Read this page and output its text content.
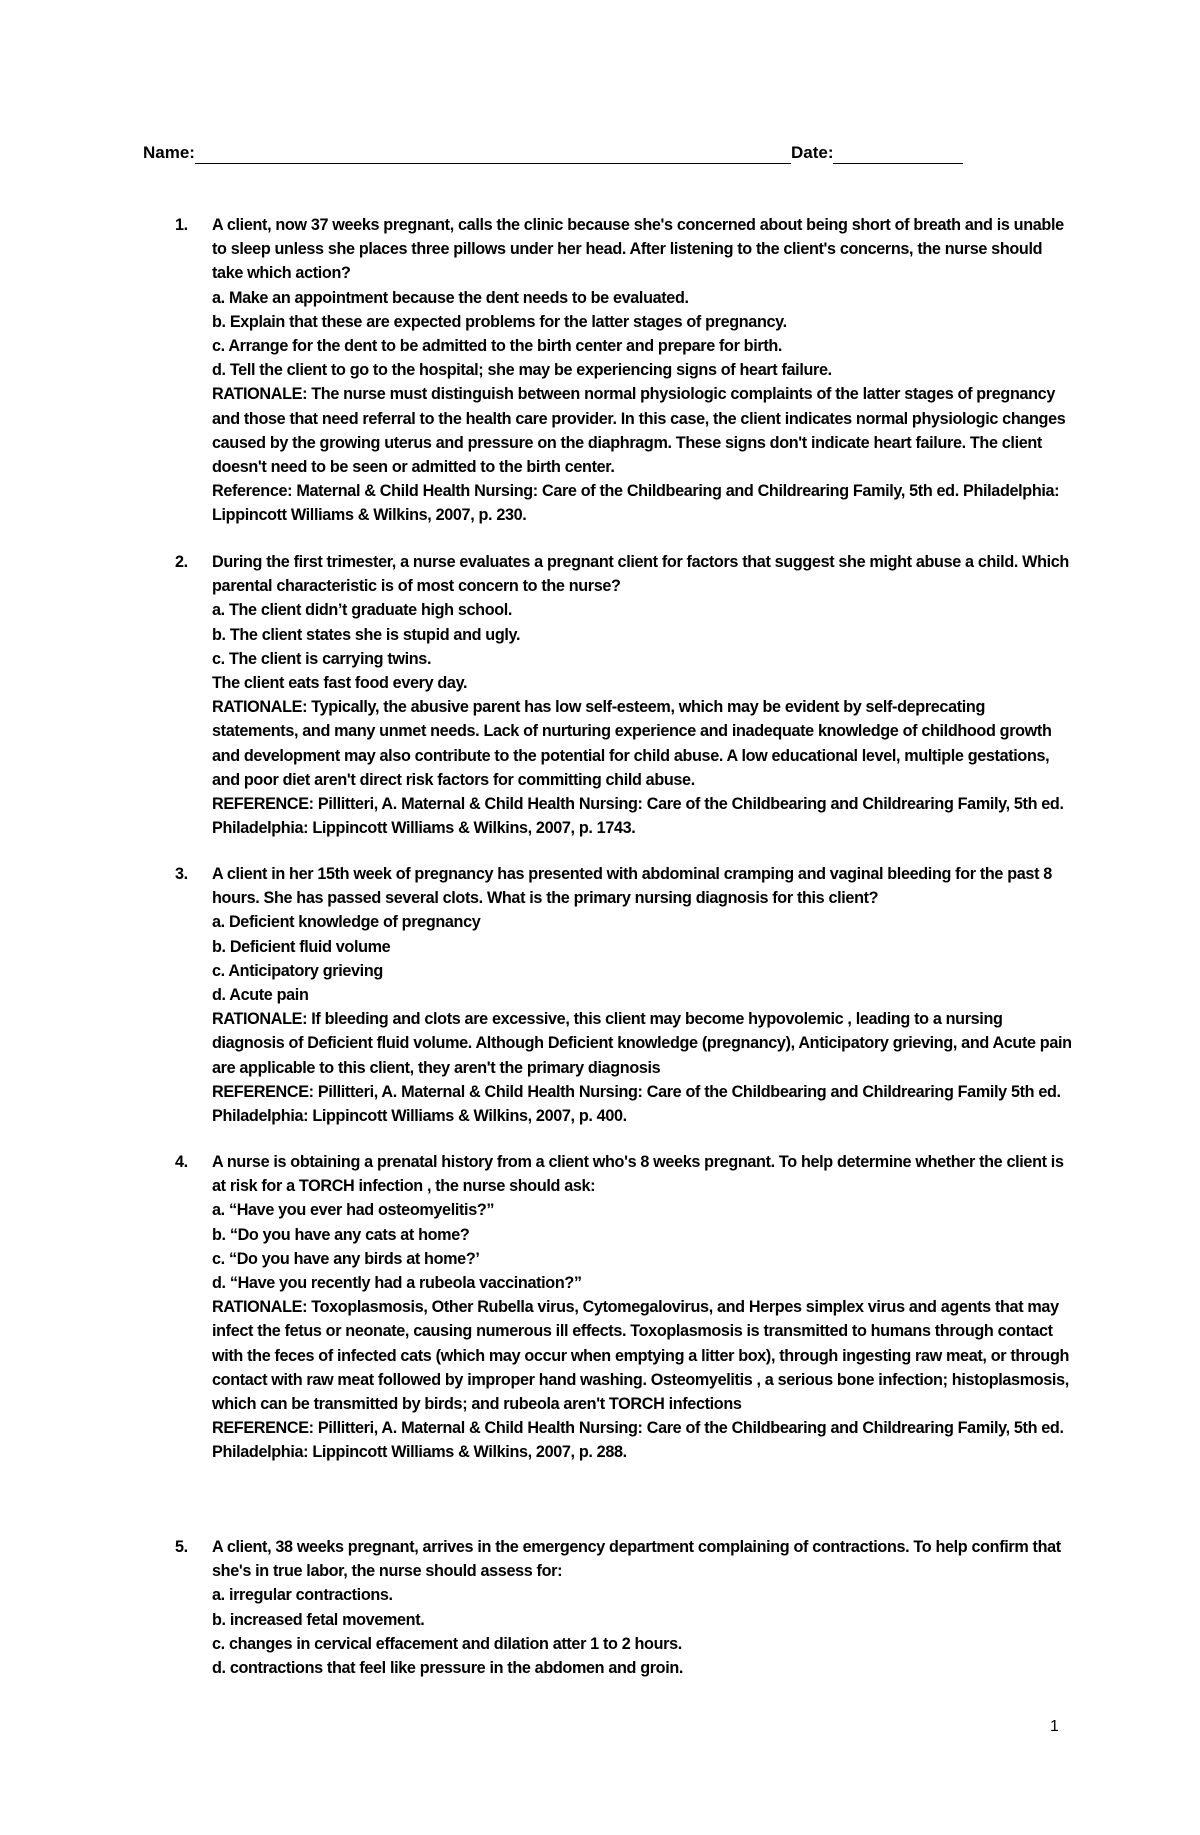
Name:	Date:
1.	A client, now 37 weeks pregnant, calls the clinic because she's concerned about being short of breath and is unable to sleep unless she places three pillows under her head. After listening to the client's concerns, the nurse should take which action?
a. Make an appointment because the dent needs to be evaluated.
b. Explain that these are expected problems for the latter stages of pregnancy.
c. Arrange for the dent to be admitted to the birth center and prepare for birth.
d. Tell the client to go to the hospital; she may be experiencing signs of heart failure.
RATIONALE: The nurse must distinguish between normal physiologic complaints of the latter stages of pregnancy and those that need referral to the health care provider. In this case, the client indicates normal physiologic changes caused by the growing uterus and pressure on the diaphragm. These signs don't indicate heart failure. The client doesn't need to be seen or admitted to the birth center.
Reference: Maternal & Child Health Nursing: Care of the Childbearing and Childrearing Family, 5th ed. Philadelphia: Lippincott Williams & Wilkins, 2007, p. 230.
2.	During the first trimester, a nurse evaluates a pregnant client for factors that suggest she might abuse a child. Which parental characteristic is of most concern to the nurse?
a. The client didn’t graduate high school.
b. The client states she is stupid and ugly.
c. The client is carrying twins.
The client eats fast food every day.
RATIONALE: Typically, the abusive parent has low self-esteem, which may be evident by self-deprecating statements, and many unmet needs. Lack of nurturing experience and inadequate knowledge of childhood growth and development may also contribute to the potential for child abuse. A low educational level, multiple gestations, and poor diet aren't direct risk factors for committing child abuse.
REFERENCE: Pillitteri, A. Maternal & Child Health Nursing: Care of the Childbearing and Childrearing Family, 5th ed. Philadelphia: Lippincott Williams & Wilkins, 2007, p. 1743.
3.	A client in her 15th week of pregnancy has presented with abdominal cramping and vaginal bleeding for the past 8 hours. She has passed several clots. What is the primary nursing diagnosis for this client?
a. Deficient knowledge of pregnancy
b. Deficient fluid volume
c. Anticipatory grieving
d. Acute pain
RATIONALE: If bleeding and clots are excessive, this client may become hypovolemic , leading to a nursing diagnosis of Deficient fluid volume. Although Deficient knowledge (pregnancy), Anticipatory grieving, and Acute pain are applicable to this client, they aren't the primary diagnosis
REFERENCE: Pillitteri, A. Maternal & Child Health Nursing: Care of the Childbearing and Childrearing Family 5th ed. Philadelphia: Lippincott Williams & Wilkins, 2007, p. 400.
4.	A nurse is obtaining a prenatal history from a client who's 8 weeks pregnant. To help determine whether the client is at risk for a TORCH infection , the nurse should ask:
a. “Have you ever had osteomyelitis?”
b. “Do you have any cats at home?
c. “Do you have any birds at home?’
d. “Have you recently had a rubeola vaccination?”
RATIONALE: Toxoplasmosis, Other Rubella virus, Cytomegalovirus, and Herpes simplex virus and agents that may infect the fetus or neonate, causing numerous ill effects. Toxoplasmosis is transmitted to humans through contact with the feces of infected cats (which may occur when emptying a litter box), through ingesting raw meat, or through contact with raw meat followed by improper hand washing. Osteomyelitis , a serious bone infection; histoplasmosis, which can be transmitted by birds; and rubeola aren't TORCH infections
REFERENCE: Pillitteri, A. Maternal & Child Health Nursing: Care of the Childbearing and Childrearing Family, 5th ed. Philadelphia: Lippincott Williams & Wilkins, 2007, p. 288.
5.	A client, 38 weeks pregnant, arrives in the emergency department complaining of contractions. To help confirm that she's in true labor, the nurse should assess for:
a. irregular contractions.
b. increased fetal movement.
c. changes in cervical effacement and dilation atter 1 to 2 hours.
d. contractions that feel like pressure in the abdomen and groin.
1
